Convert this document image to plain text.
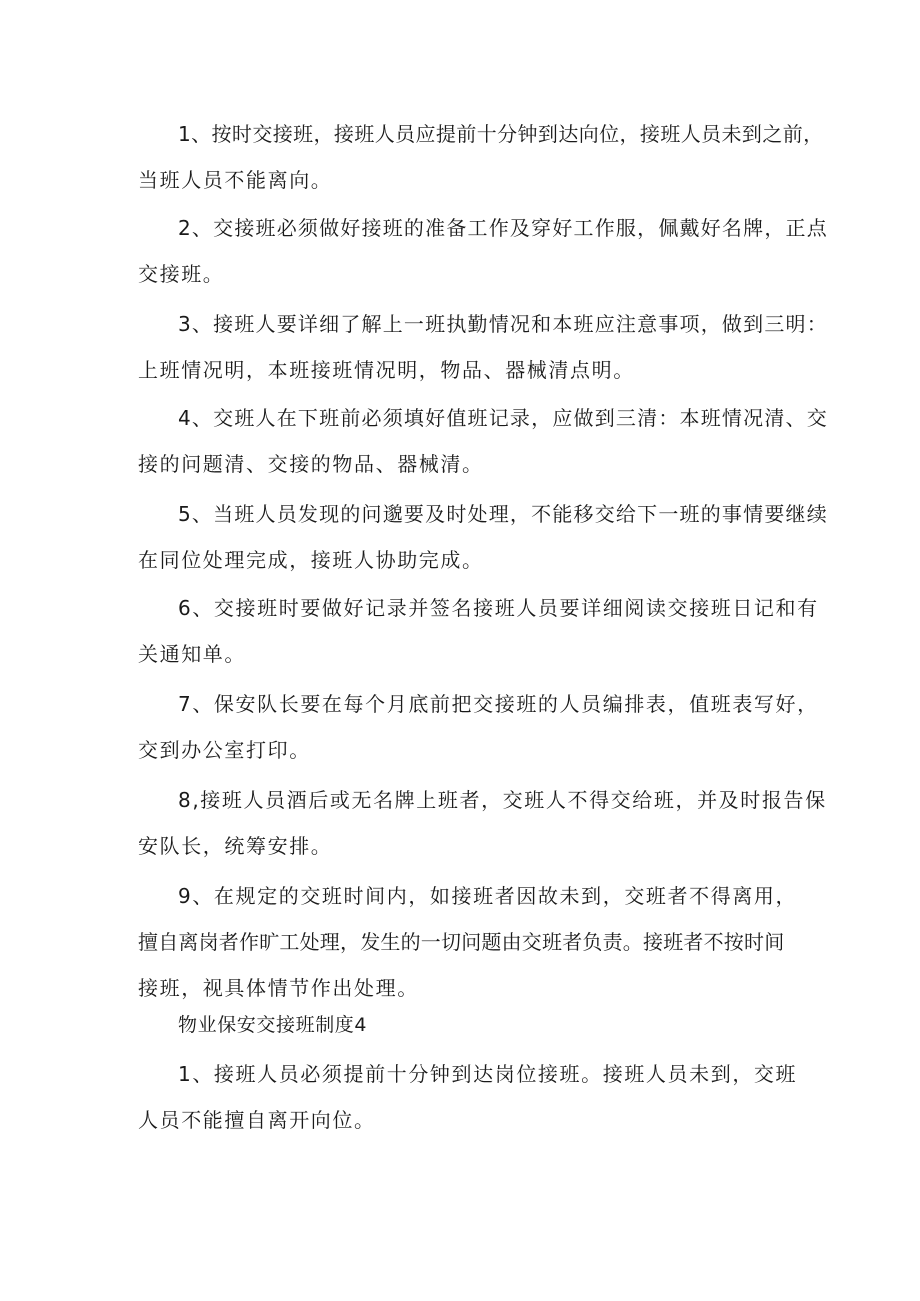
1、按时交接班，接班人员应提前十分钟到达向位，接班人员未到之前，
当班人员不能离向。
2、交接班必须做好接班的准备工作及穿好工作服，佩戴好名牌，正点
交接班。
3、接班人要详细了解上一班执勤情况和本班应注意事项，做到三明：
上班情况明，本班接班情况明，物品、器械清点明。
4、交班人在下班前必须填好值班记录，应做到三清：本班情况清、交
接的问题清、交接的物品、器械清。
5、当班人员发现的问邈要及时处理，不能移交给下一班的事情要继续
在同位处理完成，接班人协助完成。
6、交接班时要做好记录并签名接班人员要详细阅读交接班日记和有
关通知单。
7、保安队长要在每个月底前把交接班的人员编排表，值班表写好，
交到办公室打印。
8,接班人员酒后或无名牌上班者，交班人不得交给班，并及时报告保
安队长，统筹安排。
9、在规定的交班时间内，如接班者因故未到，交班者不得离用，
擅自离岗者作旷工处理，发生的一切问题由交班者负责。接班者不按时间
接班，视具体情节作出处理。
物业保安交接班制度4
1、接班人员必须提前十分钟到达岗位接班。接班人员未到，交班
人员不能擅自离开向位。
